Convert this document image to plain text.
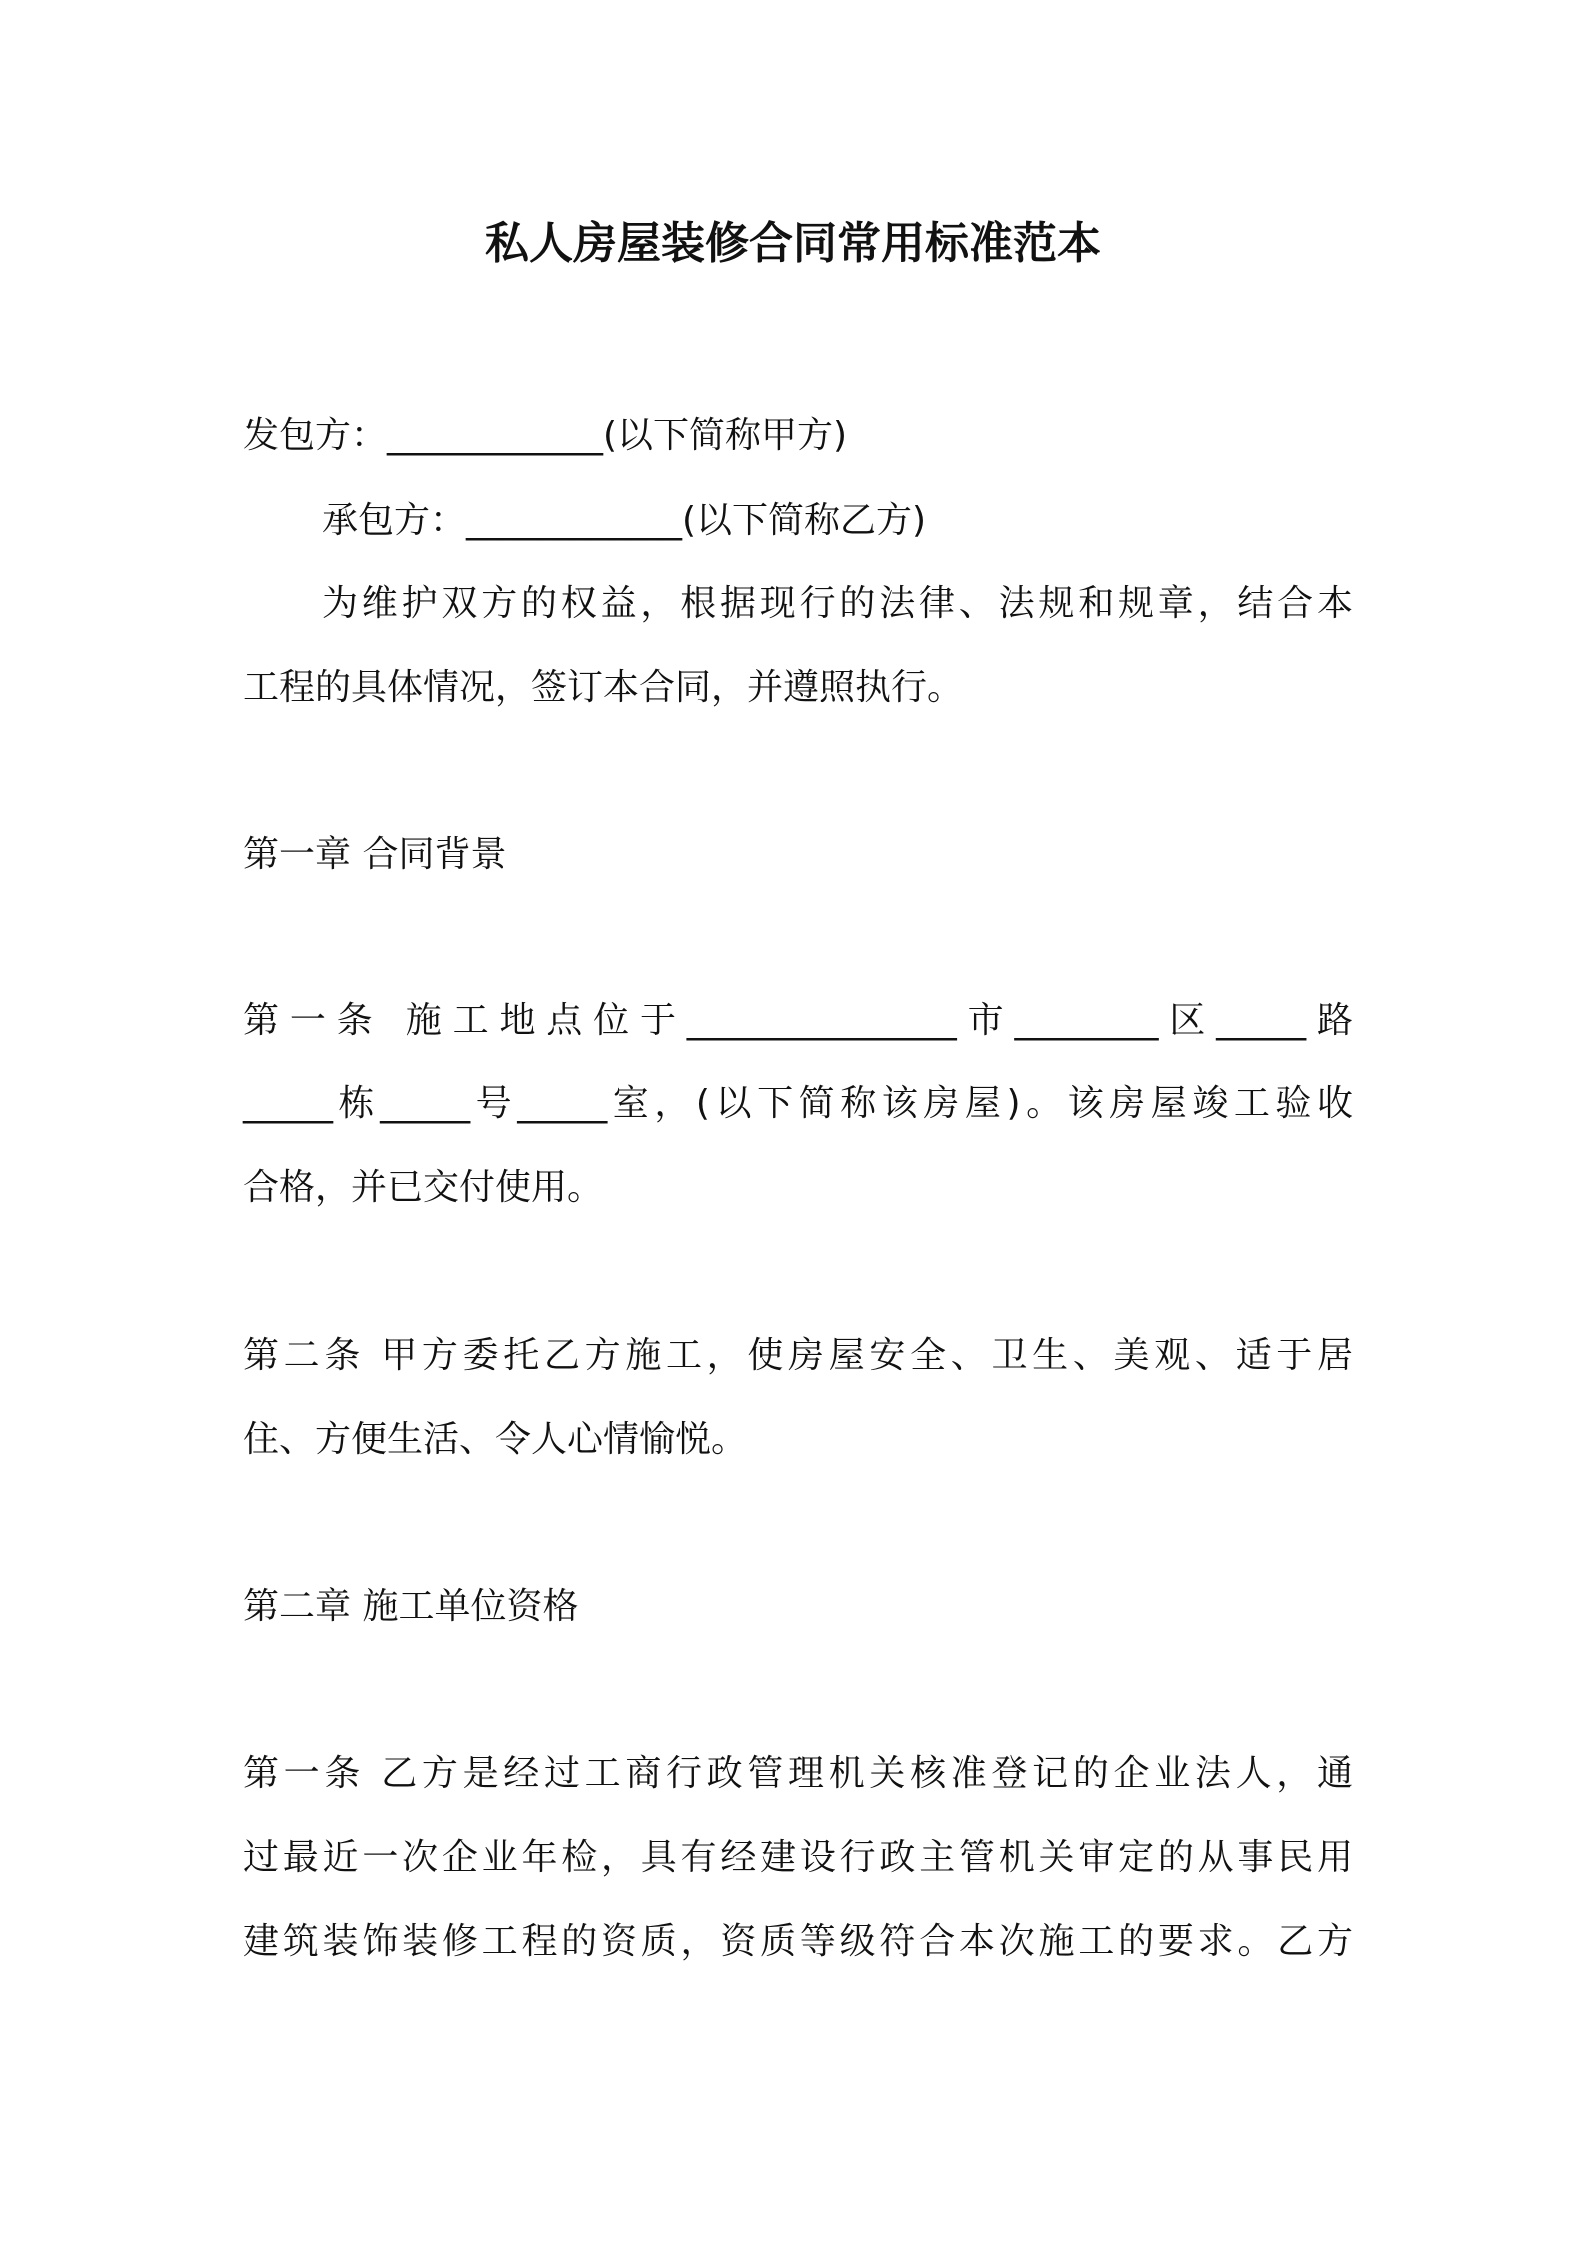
私人房屋装修合同常用标准范本
发包方：____________(以下简称甲方)
承包方：____________(以下简称乙方)
为维护双方的权益，根据现行的法律、法规和规章，结合本
工程的具体情况，签订本合同，并遵照执行。
第一章 合同背景
第一条 施工地点位于_______________市________区_____路
_____栋_____号_____室，(以下简称该房屋)。该房屋竣工验收
合格，并已交付使用。
第二条 甲方委托乙方施工，使房屋安全、卫生、美观、适于居
住、方便生活、令人心情愉悦。
第二章 施工单位资格
第一条 乙方是经过工商行政管理机关核准登记的企业法人，通
过最近一次企业年检，具有经建设行政主管机关审定的从事民用
建筑装饰装修工程的资质，资质等级符合本次施工的要求。乙方
